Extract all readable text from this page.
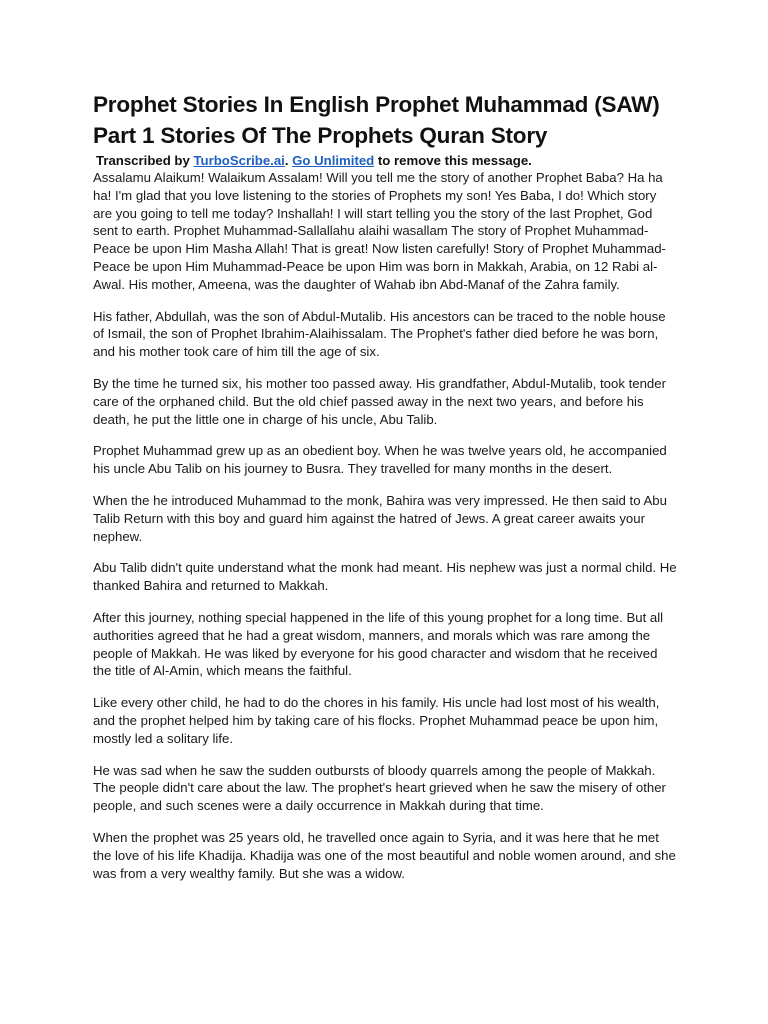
Prophet Stories In English Prophet Muhammad (SAW) Part 1 Stories Of The Prophets Quran Story
Transcribed by TurboScribe.ai. Go Unlimited to remove this message.

Assalamu Alaikum! Walaikum Assalam! Will you tell me the story of another Prophet Baba? Ha ha ha! I'm glad that you love listening to the stories of Prophets my son! Yes Baba, I do! Which story are you going to tell me today? Inshallah! I will start telling you the story of the last Prophet, God sent to earth. Prophet Muhammad-Sallallahu alaihi wasallam The story of Prophet Muhammad-Peace be upon Him Masha Allah! That is great! Now listen carefully! Story of Prophet Muhammad-Peace be upon Him Muhammad-Peace be upon Him was born in Makkah, Arabia, on 12 Rabi al-Awal. His mother, Ameena, was the daughter of Wahab ibn Abd-Manaf of the Zahra family.

His father, Abdullah, was the son of Abdul-Mutalib. His ancestors can be traced to the noble house of Ismail, the son of Prophet Ibrahim-Alaihissalam. The Prophet's father died before he was born, and his mother took care of him till the age of six.

By the time he turned six, his mother too passed away. His grandfather, Abdul-Mutalib, took tender care of the orphaned child. But the old chief passed away in the next two years, and before his death, he put the little one in charge of his uncle, Abu Talib.

Prophet Muhammad grew up as an obedient boy. When he was twelve years old, he accompanied his uncle Abu Talib on his journey to Busra. They travelled for many months in the desert.

When the he introduced Muhammad to the monk, Bahira was very impressed. He then said to Abu Talib Return with this boy and guard him against the hatred of Jews. A great career awaits your nephew.

Abu Talib didn't quite understand what the monk had meant. His nephew was just a normal child. He thanked Bahira and returned to Makkah.

After this journey, nothing special happened in the life of this young prophet for a long time. But all authorities agreed that he had a great wisdom, manners, and morals which was rare among the people of Makkah. He was liked by everyone for his good character and wisdom that he received the title of Al-Amin, which means the faithful.

Like every other child, he had to do the chores in his family. His uncle had lost most of his wealth, and the prophet helped him by taking care of his flocks. Prophet Muhammad peace be upon him, mostly led a solitary life.

He was sad when he saw the sudden outbursts of bloody quarrels among the people of Makkah. The people didn't care about the law. The prophet's heart grieved when he saw the misery of other people, and such scenes were a daily occurrence in Makkah during that time.

When the prophet was 25 years old, he travelled once again to Syria, and it was here that he met the love of his life Khadija. Khadija was one of the most beautiful and noble women around, and she was from a very wealthy family. But she was a widow.
